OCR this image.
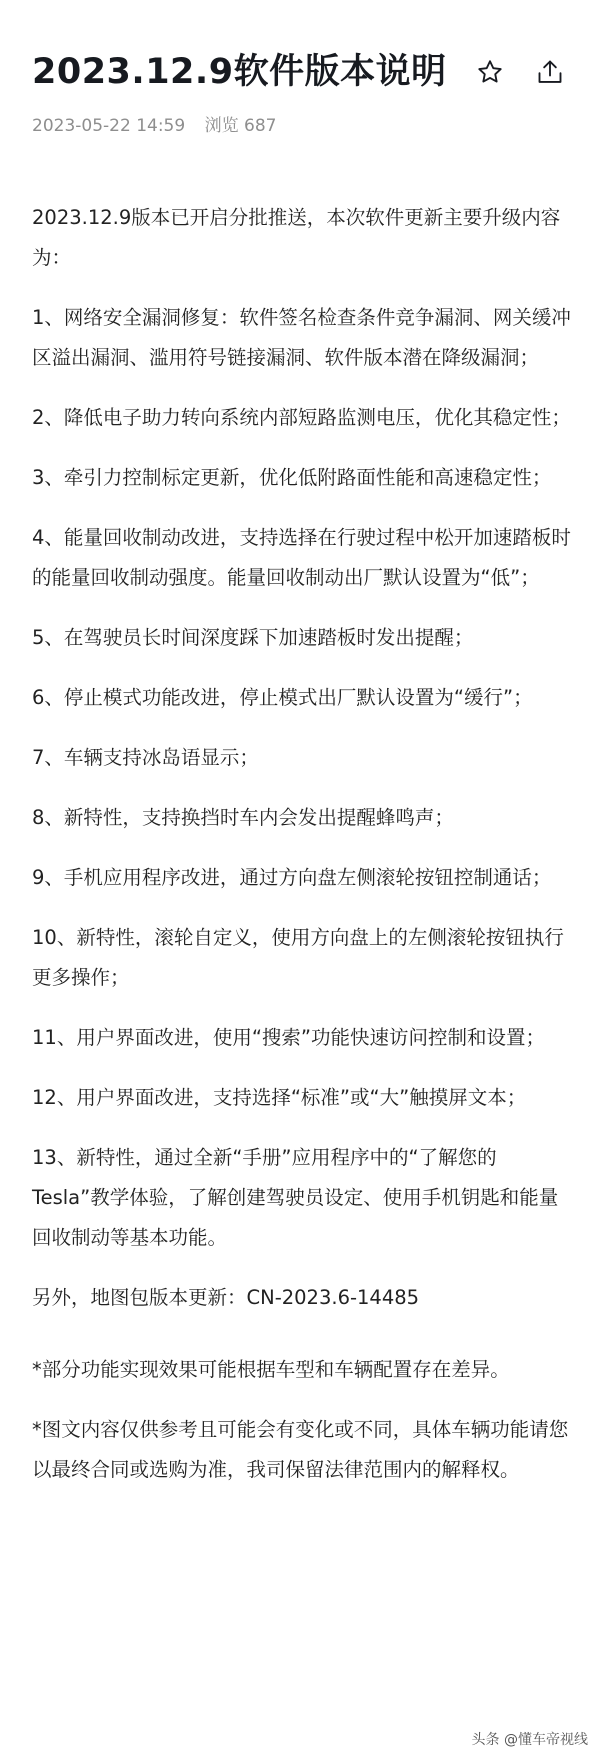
2023.12.9软件版本说明
2023-05-22 14:59 浏览 687

2023.12.9版本已开启分批推送，本次软件更新主要升级内容为：

1、网络安全漏洞修复：软件签名检查条件竞争漏洞、网关缓冲区溢出漏洞、滥用符号链接漏洞、软件版本潜在降级漏洞；

2、降低电子助力转向系统内部短路监测电压，优化其稳定性；

3、牵引力控制标定更新，优化低附路面性能和高速稳定性；

4、能量回收制动改进，支持选择在行驶过程中松开加速踏板时的能量回收制动强度。能量回收制动出厂默认设置为“低”；

5、在驾驶员长时间深度踩下加速踏板时发出提醒；

6、停止模式功能改进，停止模式出厂默认设置为“缓行”；

7、车辆支持冰岛语显示；

8、新特性，支持换挡时车内会发出提醒蜂鸣声；

9、手机应用程序改进，通过方向盘左侧滚轮按钮控制通话；

10、新特性，滚轮自定义，使用方向盘上的左侧滚轮按钮执行更多操作；

11、用户界面改进，使用“搜索”功能快速访问控制和设置；

12、用户界面改进，支持选择“标准”或“大”触摸屏文本；

13、新特性，通过全新“手册”应用程序中的“了解您的Tesla”教学体验，了解创建驾驶员设定、使用手机钥匙和能量回收制动等基本功能。

另外，地图包版本更新：CN-2023.6-14485

*部分功能实现效果可能根据车型和车辆配置存在差异。

*图文内容仅供参考且可能会有变化或不同，具体车辆功能请您以最终合同或选购为准，我司保留法律范围内的解释权。

头条 @懂车帝视线
